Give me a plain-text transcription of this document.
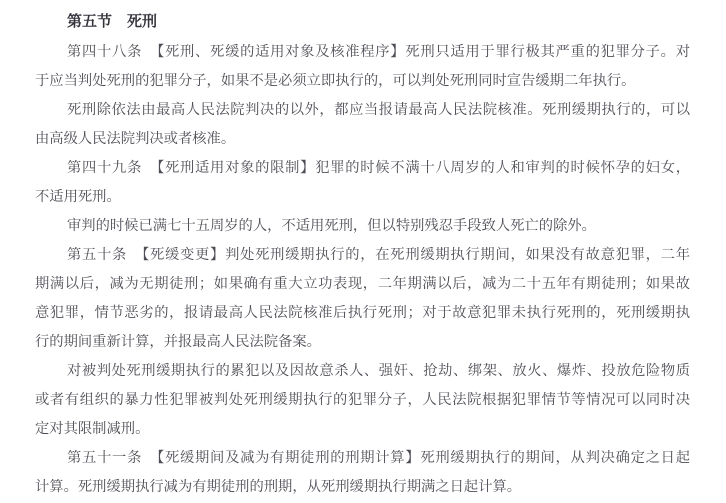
第五节　死刑
第四十八条　【死刑、死缓的适用对象及核准程序】死刑只适用于罪行极其严重的犯罪分子。对
于应当判处死刑的犯罪分子，如果不是必须立即执行的，可以判处死刑同时宣告缓期二年执行。
死刑除依法由最高人民法院判决的以外，都应当报请最高人民法院核准。死刑缓期执行的，可以
由高级人民法院判决或者核准。
第四十九条　【死刑适用对象的限制】犯罪的时候不满十八周岁的人和审判的时候怀孕的妇女，
不适用死刑。
审判的时候已满七十五周岁的人，不适用死刑，但以特别残忍手段致人死亡的除外。
第五十条　【死缓变更】判处死刑缓期执行的，在死刑缓期执行期间，如果没有故意犯罪，二年
期满以后，减为无期徒刑；如果确有重大立功表现，二年期满以后，减为二十五年有期徒刑；如果故
意犯罪，情节恶劣的，报请最高人民法院核准后执行死刑；对于故意犯罪未执行死刑的，死刑缓期执
行的期间重新计算，并报最高人民法院备案。
对被判处死刑缓期执行的累犯以及因故意杀人、强奸、抢劫、绑架、放火、爆炸、投放危险物质
或者有组织的暴力性犯罪被判处死刑缓期执行的犯罪分子，人民法院根据犯罪情节等情况可以同时决
定对其限制减刑。
第五十一条　【死缓期间及减为有期徒刑的刑期计算】死刑缓期执行的期间，从判决确定之日起
计算。死刑缓期执行减为有期徒刑的刑期，从死刑缓期执行期满之日起计算。
